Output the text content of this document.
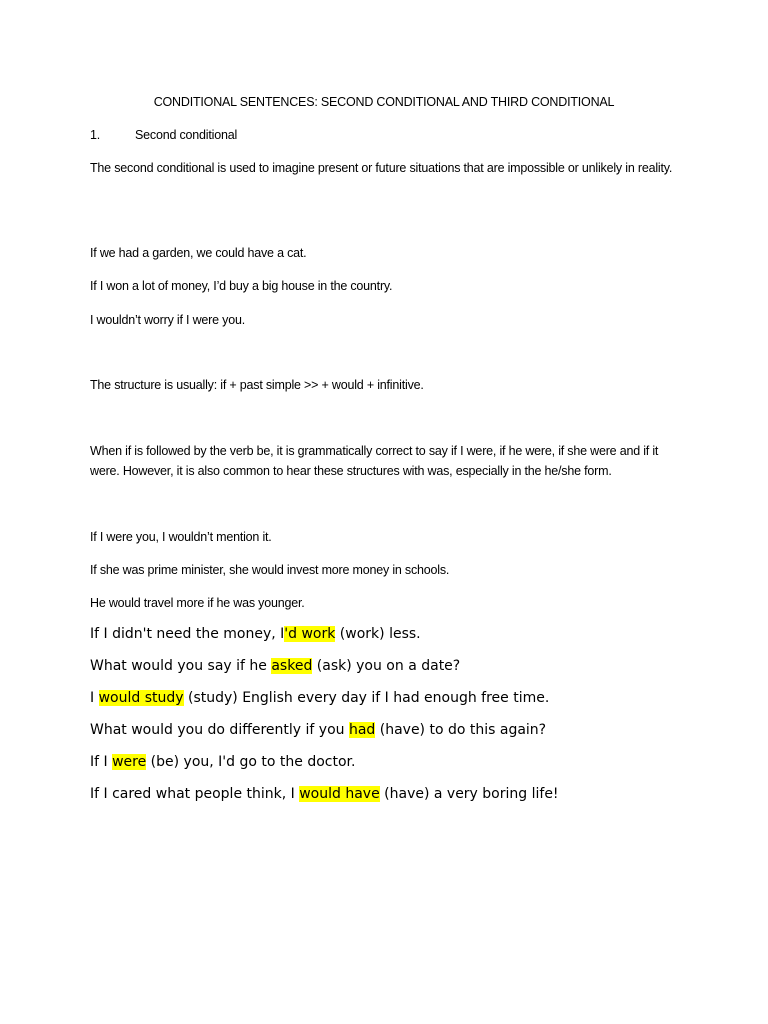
CONDITIONAL SENTENCES: SECOND CONDITIONAL AND THIRD CONDITIONAL
1.	Second conditional
The second conditional is used to imagine present or future situations that are impossible or unlikely in reality.
If we had a garden, we could have a cat.
If I won a lot of money, I’d buy a big house in the country.
I wouldn’t worry if I were you.
The structure is usually: if + past simple >> + would + infinitive.
When if is followed by the verb be, it is grammatically correct to say if I were, if he were, if she were and if it were. However, it is also common to hear these structures with was, especially in the he/she form.
If I were you, I wouldn’t mention it.
If she was prime minister, she would invest more money in schools.
He would travel more if he was younger.
If I didn't need the money, I'd work (work) less.
What would you say if he asked (ask) you on a date?
I would study (study) English every day if I had enough free time.
What would you do differently if you had (have) to do this again?
If I were (be) you, I'd go to the doctor.
If I cared what people think, I would have (have) a very boring life!
